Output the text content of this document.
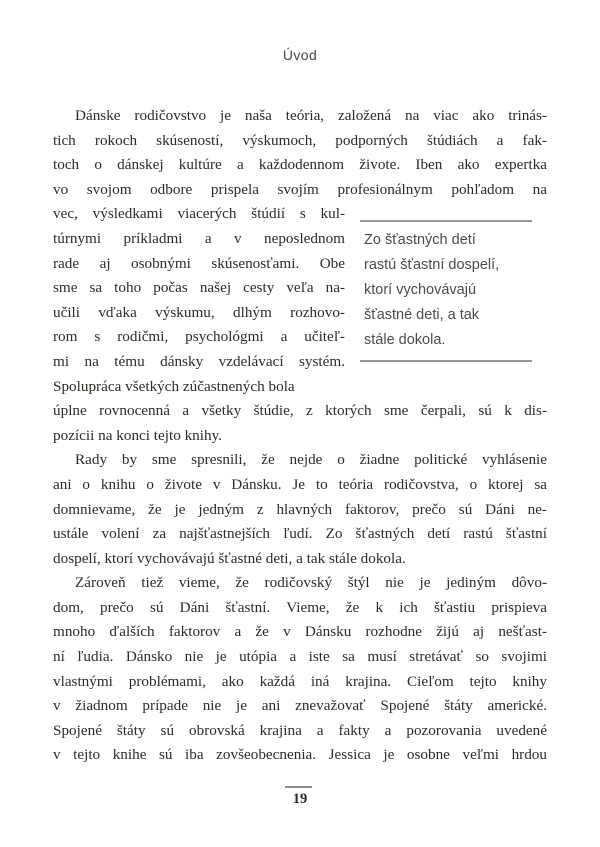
Úvod
Dánske rodičovstvo je naša teória, založená na viac ako trinás-
tich rokoch skúseností, výskumoch, podporných štúdiách a fak-
toch o dánskej kultúre a každodennom živote. Iben ako expertka
vo svojom odbore prispela svojím profesionálnym pohľadom na
vec, výsledkami viacerých štúdií s kul-
túrnymi príkladmi a v neposlednom
rade aj osobnými skúsenosťami. Obe
sme sa toho počas našej cesty veľa na-
učili vďaka výskumu, dlhým rozhovo-
rom s rodičmi, psychológmi a učiteľ-
mi na tému dánsky vzdelávací systém.
Spolupráca všetkých zúčastnených bola
úplne rovnocenná a všetky štúdie, z ktorých sme čerpali, sú k dis-
pozícii na konci tejto knihy.
Rady by sme spresnili, že nejde o žiadne politické vyhlásenie
ani o knihu o živote v Dánsku. Je to teória rodičovstva, o ktorej sa
domnievame, že je jedným z hlavných faktorov, prečo sú Dáni ne-
ustále volení za najšťastnejších ľudí. Zo šťastných detí rastú šťastní
dospelí, ktorí vychovávajú šťastné deti, a tak stále dokola.
Zároveň tiež vieme, že rodičovský štýl nie je jediným dôvo-
dom, prečo sú Dáni šťastní. Vieme, že k ich šťastiu prispieva
mnoho ďalších faktorov a že v Dánsku rozhodne žijú aj nešťast-
ní ľudia. Dánsko nie je utópia a iste sa musí stretávať so svojimi
vlastnými problémami, ako každá iná krajina. Cieľom tejto knihy
v žiadnom prípade nie je ani znevažovať Spojené štáty americké.
Spojené štáty sú obrovská krajina a fakty a pozorovania uvedené
v tejto knihe sú iba zovšeobecnenia. Jessica je osobne veľmi hrdou
Zo šťastných detí
rastú šťastní dospelí,
ktorí vychovávajú
šťastné deti, a tak
stále dokola.
19
